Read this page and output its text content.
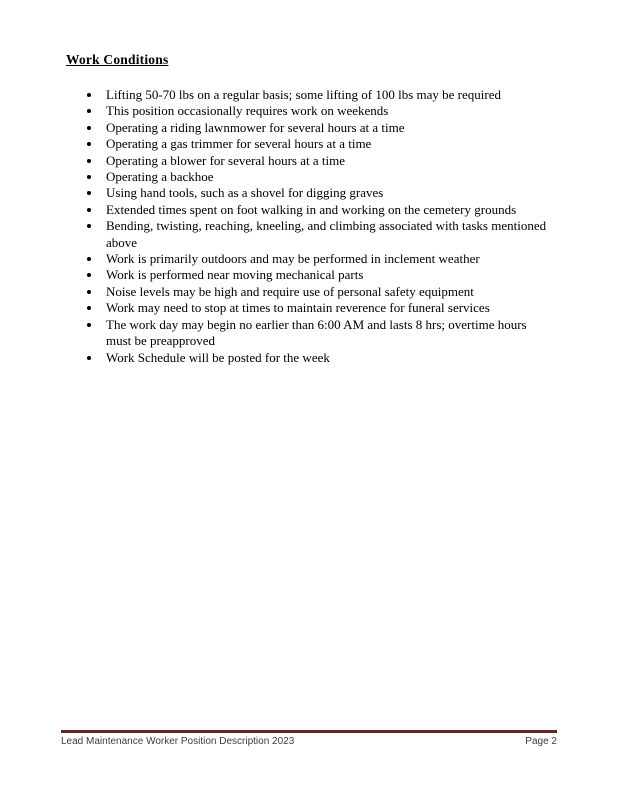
Work Conditions
• Lifting 50-70 lbs on a regular basis; some lifting of 100 lbs may be required
• This position occasionally requires work on weekends
• Operating a riding lawnmower for several hours at a time
• Operating a gas trimmer for several hours at a time
• Operating a blower for several hours at a time
• Operating a backhoe
• Using hand tools, such as a shovel for digging graves
• Extended times spent on foot walking in and working on the cemetery grounds
• Bending, twisting, reaching, kneeling, and climbing associated with tasks mentioned above
• Work is primarily outdoors and may be performed in inclement weather
• Work is performed near moving mechanical parts
• Noise levels may be high and require use of personal safety equipment
• Work may need to stop at times to maintain reverence for funeral services
• The work day may begin no earlier than 6:00 AM and lasts 8 hrs; overtime hours must be preapproved
• Work Schedule will be posted for the week
Lead Maintenance Worker Position Description 2023	Page 2
